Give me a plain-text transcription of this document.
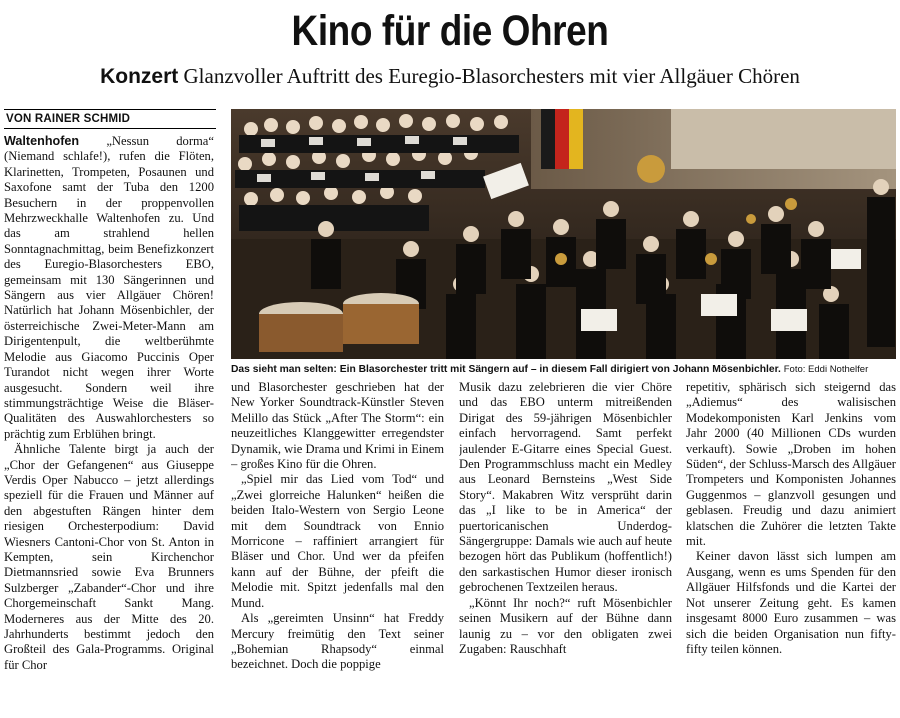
Kino für die Ohren
Konzert Glanzvoller Auftritt des Euregio-Blasorchesters mit vier Allgäuer Chören
VON RAINER SCHMID

Waltenhofen „Nessun dorma“ (Niemand schlafe!), rufen die Flöten, Klarinetten, Trompeten, Posaunen und Saxofone samt der Tuba den 1200 Besuchern in der proppenvollen Mehrzweckhalle Waltenhofen zu. Und das am strahlend hellen Sonntagnachmittag, beim Benefizkonzert des Euregio-Blasorchesters EBO, gemeinsam mit 130 Sängerinnen und Sängern aus vier Allgäuer Chören! Natürlich hat Johann Mösenbichler, der österreichische Zwei-Meter-Mann am Dirigentenpult, die weltberühmte Melodie aus Giacomo Puccinis Oper Turandot nicht wegen ihrer Worte ausgesucht. Sondern weil ihre stimmungsträchtige Weise die Bläser-Qualitäten des Auswahlorchesters so prächtig zum Erblühen bringt.

Ähnliche Talente birgt ja auch der „Chor der Gefangenen“ aus Giuseppe Verdis Oper Nabucco – jetzt allerdings speziell für die Frauen und Männer auf den abgestuften Rängen hinter dem riesigen Orchesterpodium: David Wiesners Cantoni-Chor von St. Anton in Kempten, sein Kirchenchor Dietmannsried sowie Eva Brunners Sulzberger „Zabander“-Chor und ihre Chorgemeinschaft Sankt Mang. Moderneres aus der Mitte des 20. Jahrhunderts bestimmt jedoch den Großteil des Gala-Programms. Original für Chor

Das sieht man selten: Ein Blasorchester tritt mit Sängern auf – in diesem Fall dirigiert von Johann Mösenbichler. Foto: Eddi Nothelfer

und Blasorchester geschrieben hat der New Yorker Soundtrack-Künstler Steven Melillo das Stück „After The Storm“: ein neuzeitliches Klanggewitter erregendster Dynamik, wie Drama und Krimi in Einem – großes Kino für die Ohren.

„Spiel mir das Lied vom Tod“ und „Zwei glorreiche Halunken“ heißen die beiden Italo-Western von Sergio Leone mit dem Soundtrack von Ennio Morricone – raffiniert arrangiert für Bläser und Chor. Und wer da pfeifen kann auf der Bühne, der pfeift die Melodie mit. Spitzt jedenfalls mal den Mund.

Als „gereimten Unsinn“ hat Freddy Mercury freimütig den Text seiner „Bohemian Rhapsody“ einmal bezeichnet. Doch die poppige

Musik dazu zelebrieren die vier Chöre und das EBO unterm mitreißenden Dirigat des 59-jährigen Mösenbichler einfach hervorragend. Samt perfekt jaulender E-Gitarre eines Special Guest. Den Programmschluss macht ein Medley aus Leonard Bernsteins „West Side Story“. Makabren Witz versprüht darin das „I like to be in America“ der puertoricanischen Underdog-Sängergruppe: Damals wie auch auf heute bezogen hört das Publikum (hoffentlich!) den sarkastischen Humor dieser ironisch gebrochenen Textzeilen heraus.

„Könnt Ihr noch?“ ruft Mösenbichler seinen Musikern auf der Bühne dann launig zu – vor den obligaten zwei Zugaben: Rauschhaft

repetitiv, sphärisch sich steigernd das „Adiemus“ des walisischen Modekomponisten Karl Jenkins vom Jahr 2000 (40 Millionen CDs wurden verkauft). Sowie „Droben im hohen Süden“, der Schluss-Marsch des Allgäuer Trompeters und Komponisten Johannes Guggenmos – glanzvoll gesungen und geblasen. Freudig und dazu animiert klatschen die Zuhörer die letzten Takte mit.

Keiner davon lässt sich lumpen am Ausgang, wenn es ums Spenden für den Allgäuer Hilfsfonds und die Kartei der Not unserer Zeitung geht. Es kamen insgesamt 8000 Euro zusammen – was sich die beiden Organisation nun fifty-fifty teilen können.
